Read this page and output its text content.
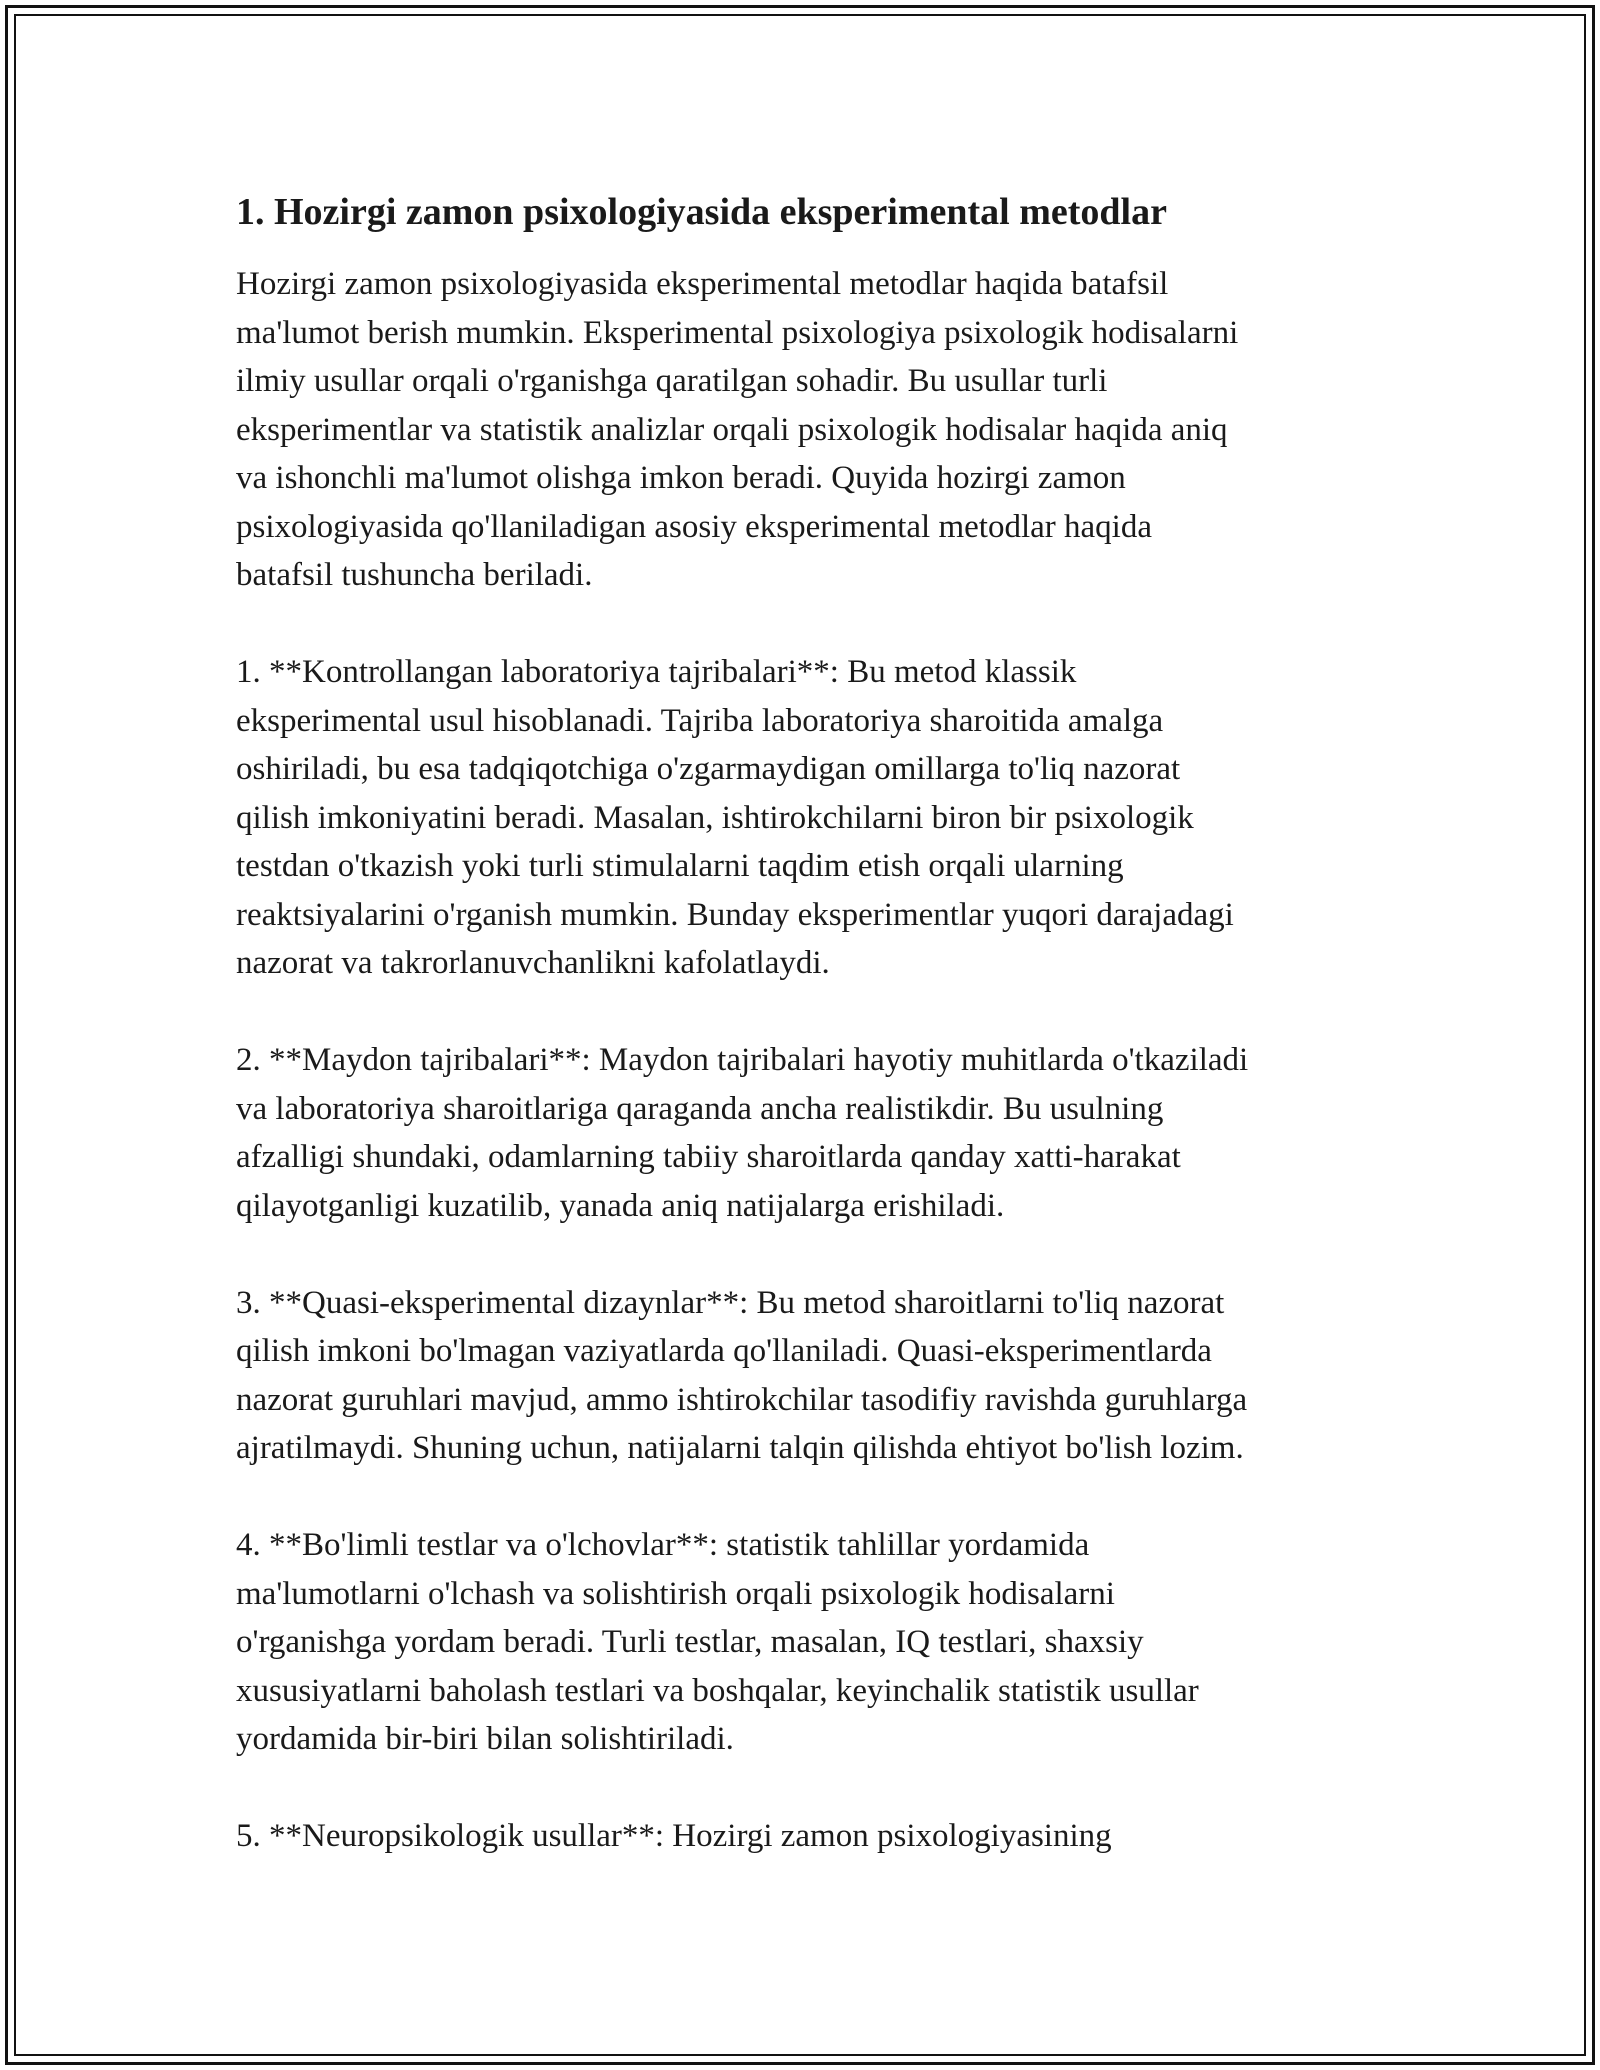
1. Hozirgi zamon psixologiyasida eksperimental metodlar

Hozirgi zamon psixologiyasida eksperimental metodlar haqida batafsil
ma'lumot berish mumkin. Eksperimental psixologiya psixologik hodisalarni
ilmiy usullar orqali o'rganishga qaratilgan sohadir. Bu usullar turli
eksperimentlar va statistik analizlar orqali psixologik hodisalar haqida aniq
va ishonchli ma'lumot olishga imkon beradi. Quyida hozirgi zamon
psixologiyasida qo'llaniladigan asosiy eksperimental metodlar haqida
batafsil tushuncha beriladi.

1. **Kontrollangan laboratoriya tajribalari**: Bu metod klassik
eksperimental usul hisoblanadi. Tajriba laboratoriya sharoitida amalga
oshiriladi, bu esa tadqiqotchiga o'zgarmaydigan omillarga to'liq nazorat
qilish imkoniyatini beradi. Masalan, ishtirokchilarni biron bir psixologik
testdan o'tkazish yoki turli stimulalarni taqdim etish orqali ularning
reaktsiyalarini o'rganish mumkin. Bunday eksperimentlar yuqori darajadagi
nazorat va takrorlanuvchanlikni kafolatlaydi.

2. **Maydon tajribalari**: Maydon tajribalari hayotiy muhitlarda o'tkaziladi
va laboratoriya sharoitlariga qaraganda ancha realistikdir. Bu usulning
afzalligi shundaki, odamlarning tabiiy sharoitlarda qanday xatti-harakat
qilayotganligi kuzatilib, yanada aniq natijalarga erishiladi.

3. **Quasi-eksperimental dizaynlar**: Bu metod sharoitlarni to'liq nazorat
qilish imkoni bo'lmagan vaziyatlarda qo'llaniladi. Quasi-eksperimentlarda
nazorat guruhlari mavjud, ammo ishtirokchilar tasodifiy ravishda guruhlarga
ajratilmaydi. Shuning uchun, natijalarni talqin qilishda ehtiyot bo'lish lozim.

4. **Bo'limli testlar va o'lchovlar**: statistik tahlillar yordamida
ma'lumotlarni o'lchash va solishtirish orqali psixologik hodisalarni
o'rganishga yordam beradi. Turli testlar, masalan, IQ testlari, shaxsiy
xususiyatlarni baholash testlari va boshqalar, keyinchalik statistik usullar
yordamida bir-biri bilan solishtiriladi.

5. **Neuropsikologik usullar**: Hozirgi zamon psixologiyasining
